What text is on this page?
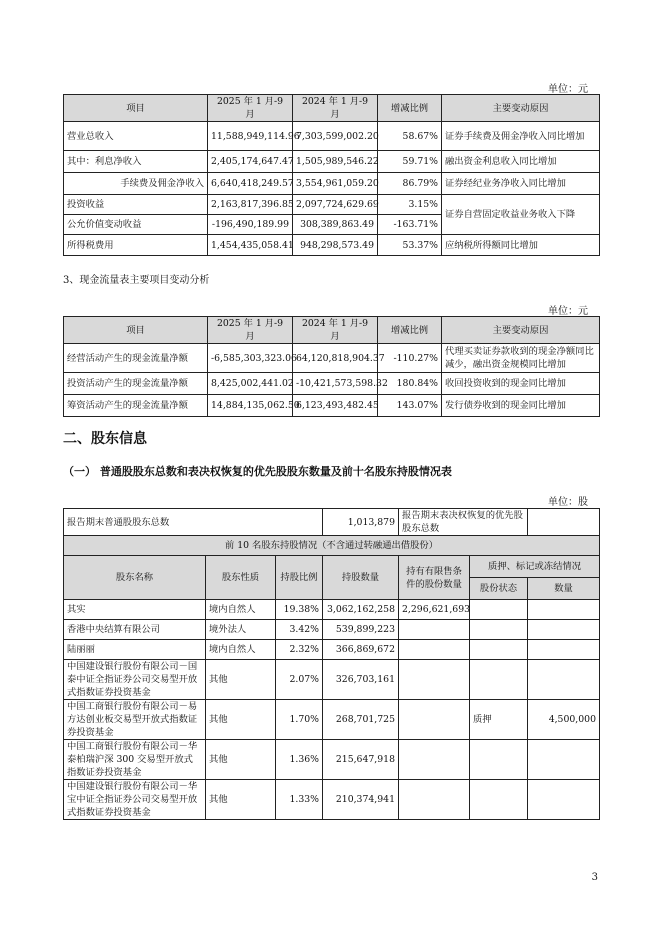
单位：元
项目	2025 年 1 月-9 月	2024 年 1 月-9 月	增减比例	主要变动原因
营业总收入	11,588,949,114.96	7,303,599,002.20	58.67%	证券手续费及佣金净收入同比增加
其中：利息净收入	2,405,174,647.47	1,505,989,546.22	59.71%	融出资金利息收入同比增加
手续费及佣金净收入	6,640,418,249.57	3,554,961,059.20	86.79%	证券经纪业务净收入同比增加
投资收益	2,163,817,396.85	2,097,724,629.69	3.15%	证券自营固定收益业务收入下降
公允价值变动收益	-196,490,189.99	308,389,863.49	-163.71%	
所得税费用	1,454,435,058.41	948,298,573.49	53.37%	应纳税所得额同比增加
3、现金流量表主要项目变动分析
单位：元
项目	2025 年 1 月-9 月	2024 年 1 月-9 月	增减比例	主要变动原因
经营活动产生的现金流量净额	-6,585,303,323.06	64,120,818,904.37	-110.27%	代理买卖证券款收到的现金净额同比减少，融出资金规模同比增加
投资活动产生的现金流量净额	8,425,002,441.02	-10,421,573,598.32	180.84%	收回投资收到的现金同比增加
筹资活动产生的现金流量净额	14,884,135,062.50	6,123,493,482.45	143.07%	发行债券收到的现金同比增加
二、股东信息
（一） 普通股股东总数和表决权恢复的优先股股东数量及前十名股东持股情况表
单位：股
报告期末普通股股东总数			1,013,879	报告期末表决权恢复的优先股股东总数		
前 10 名股东持股情况（不含通过转融通出借股份）						
股东名称	股东性质	持股比例	持股数量	持有有限售条件的股份数量	质押、标记或冻结情况	
					股份状态	数量
其实	境内自然人	19.38%	3,062,162,258	2,296,621,693		
香港中央结算有限公司	境外法人	3.42%	539,899,223			
陆丽丽	境内自然人	2.32%	366,869,672			
中国建设银行股份有限公司－国泰中证全指证券公司交易型开放式指数证券投资基金	其他	2.07%	326,703,161			
中国工商银行股份有限公司－易方达创业板交易型开放式指数证券投资基金	其他	1.70%	268,701,725		质押	4,500,000
中国工商银行股份有限公司－华泰柏瑞沪深 300 交易型开放式指数证券投资基金	其他	1.36%	215,647,918			
中国建设银行股份有限公司－华宝中证全指证券公司交易型开放式指数证券投资基金	其他	1.33%	210,374,941			
3
